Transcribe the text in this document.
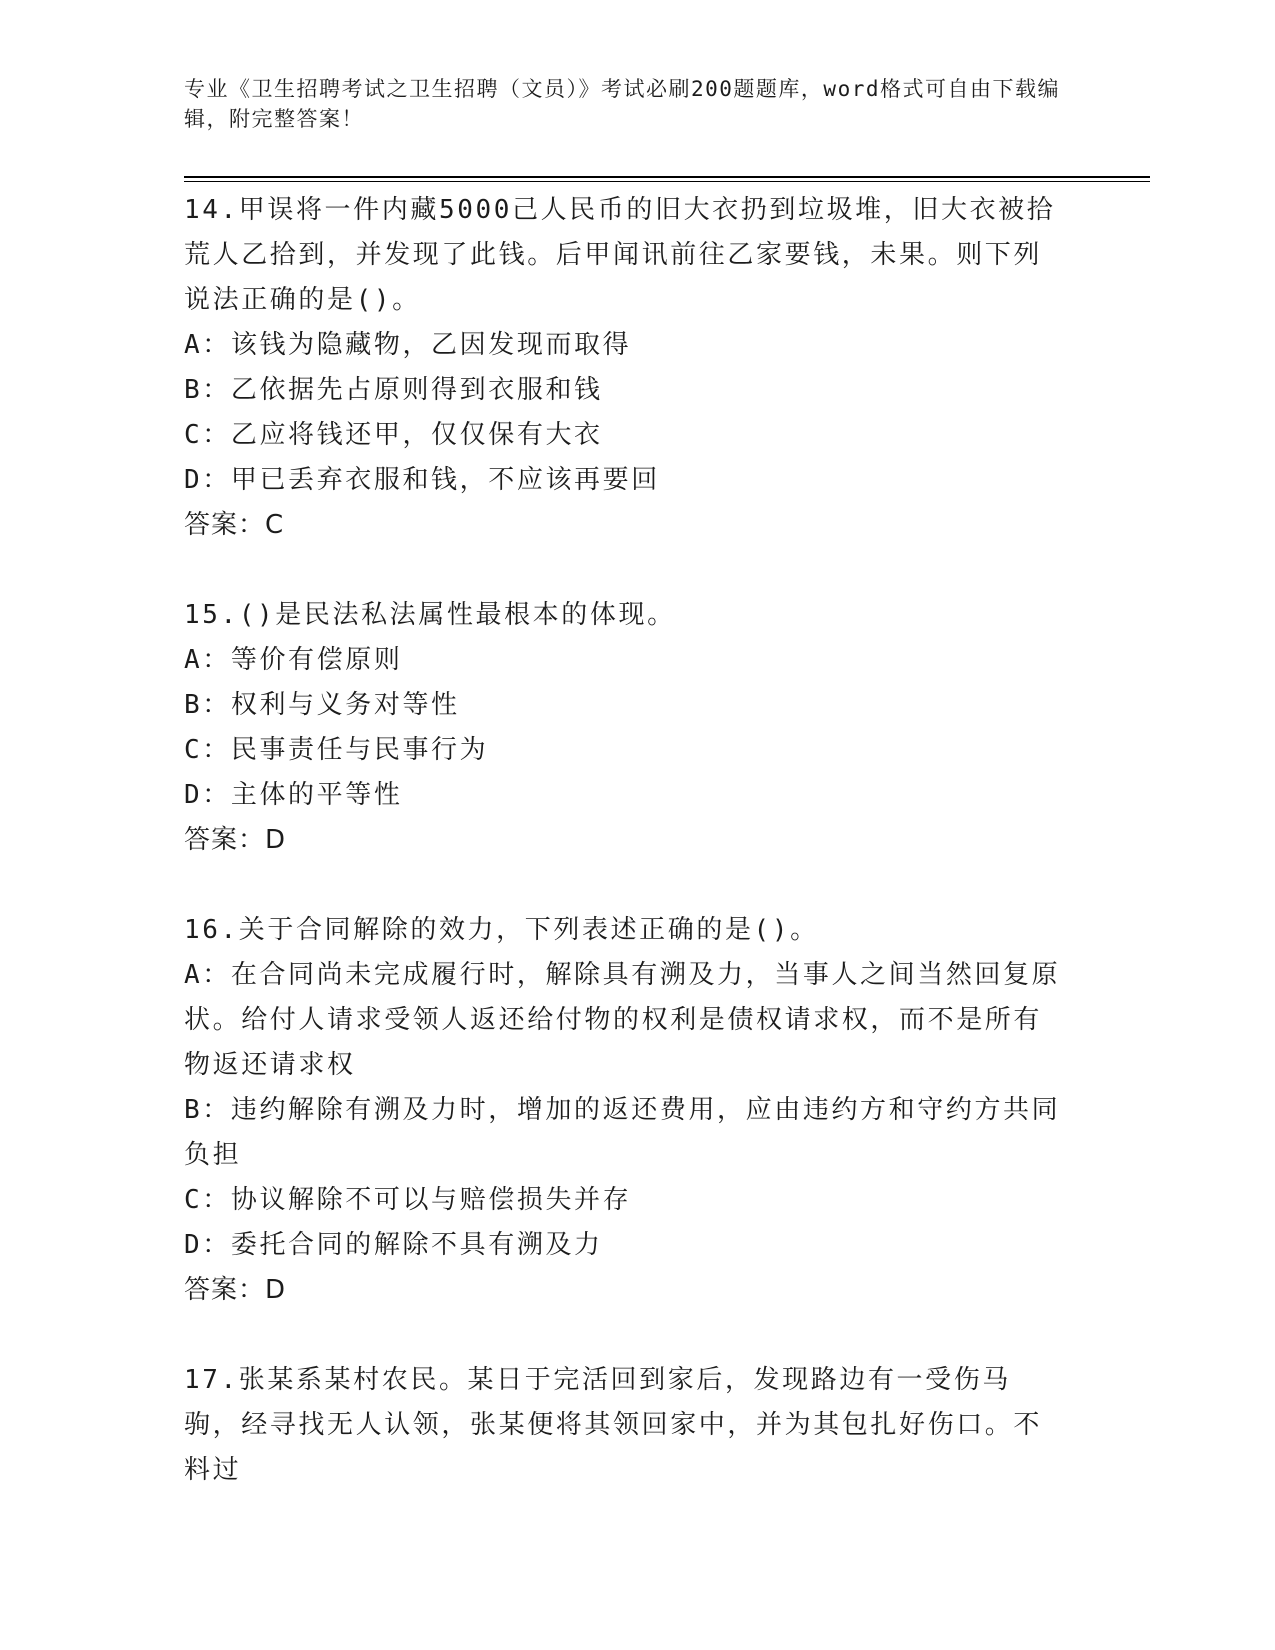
专业《卫生招聘考试之卫生招聘（文员）》考试必刷200题题库，word格式可自由下载编辑，附完整答案！
14.甲误将一件内藏5000己人民币的旧大衣扔到垃圾堆，旧大衣被拾荒人乙拾到，并发现了此钱。后甲闻讯前往乙家要钱，未果。则下列说法正确的是()。
A：该钱为隐藏物，乙因发现而取得
B：乙依据先占原则得到衣服和钱
C：乙应将钱还甲，仅仅保有大衣
D：甲已丢弃衣服和钱，不应该再要回
答案：C
15.()是民法私法属性最根本的体现。
A：等价有偿原则
B：权利与义务对等性
C：民事责任与民事行为
D：主体的平等性
答案：D
16.关于合同解除的效力，下列表述正确的是()。
A：在合同尚未完成履行时，解除具有溯及力，当事人之间当然回复原状。给付人请求受领人返还给付物的权利是债权请求权，而不是所有物返还请求权
B：违约解除有溯及力时，增加的返还费用，应由违约方和守约方共同负担
C：协议解除不可以与赔偿损失并存
D：委托合同的解除不具有溯及力
答案：D
17.张某系某村农民。某日于完活回到家后，发现路边有一受伤马驹，经寻找无人认领，张某便将其领回家中，并为其包扎好伤口。不料过
